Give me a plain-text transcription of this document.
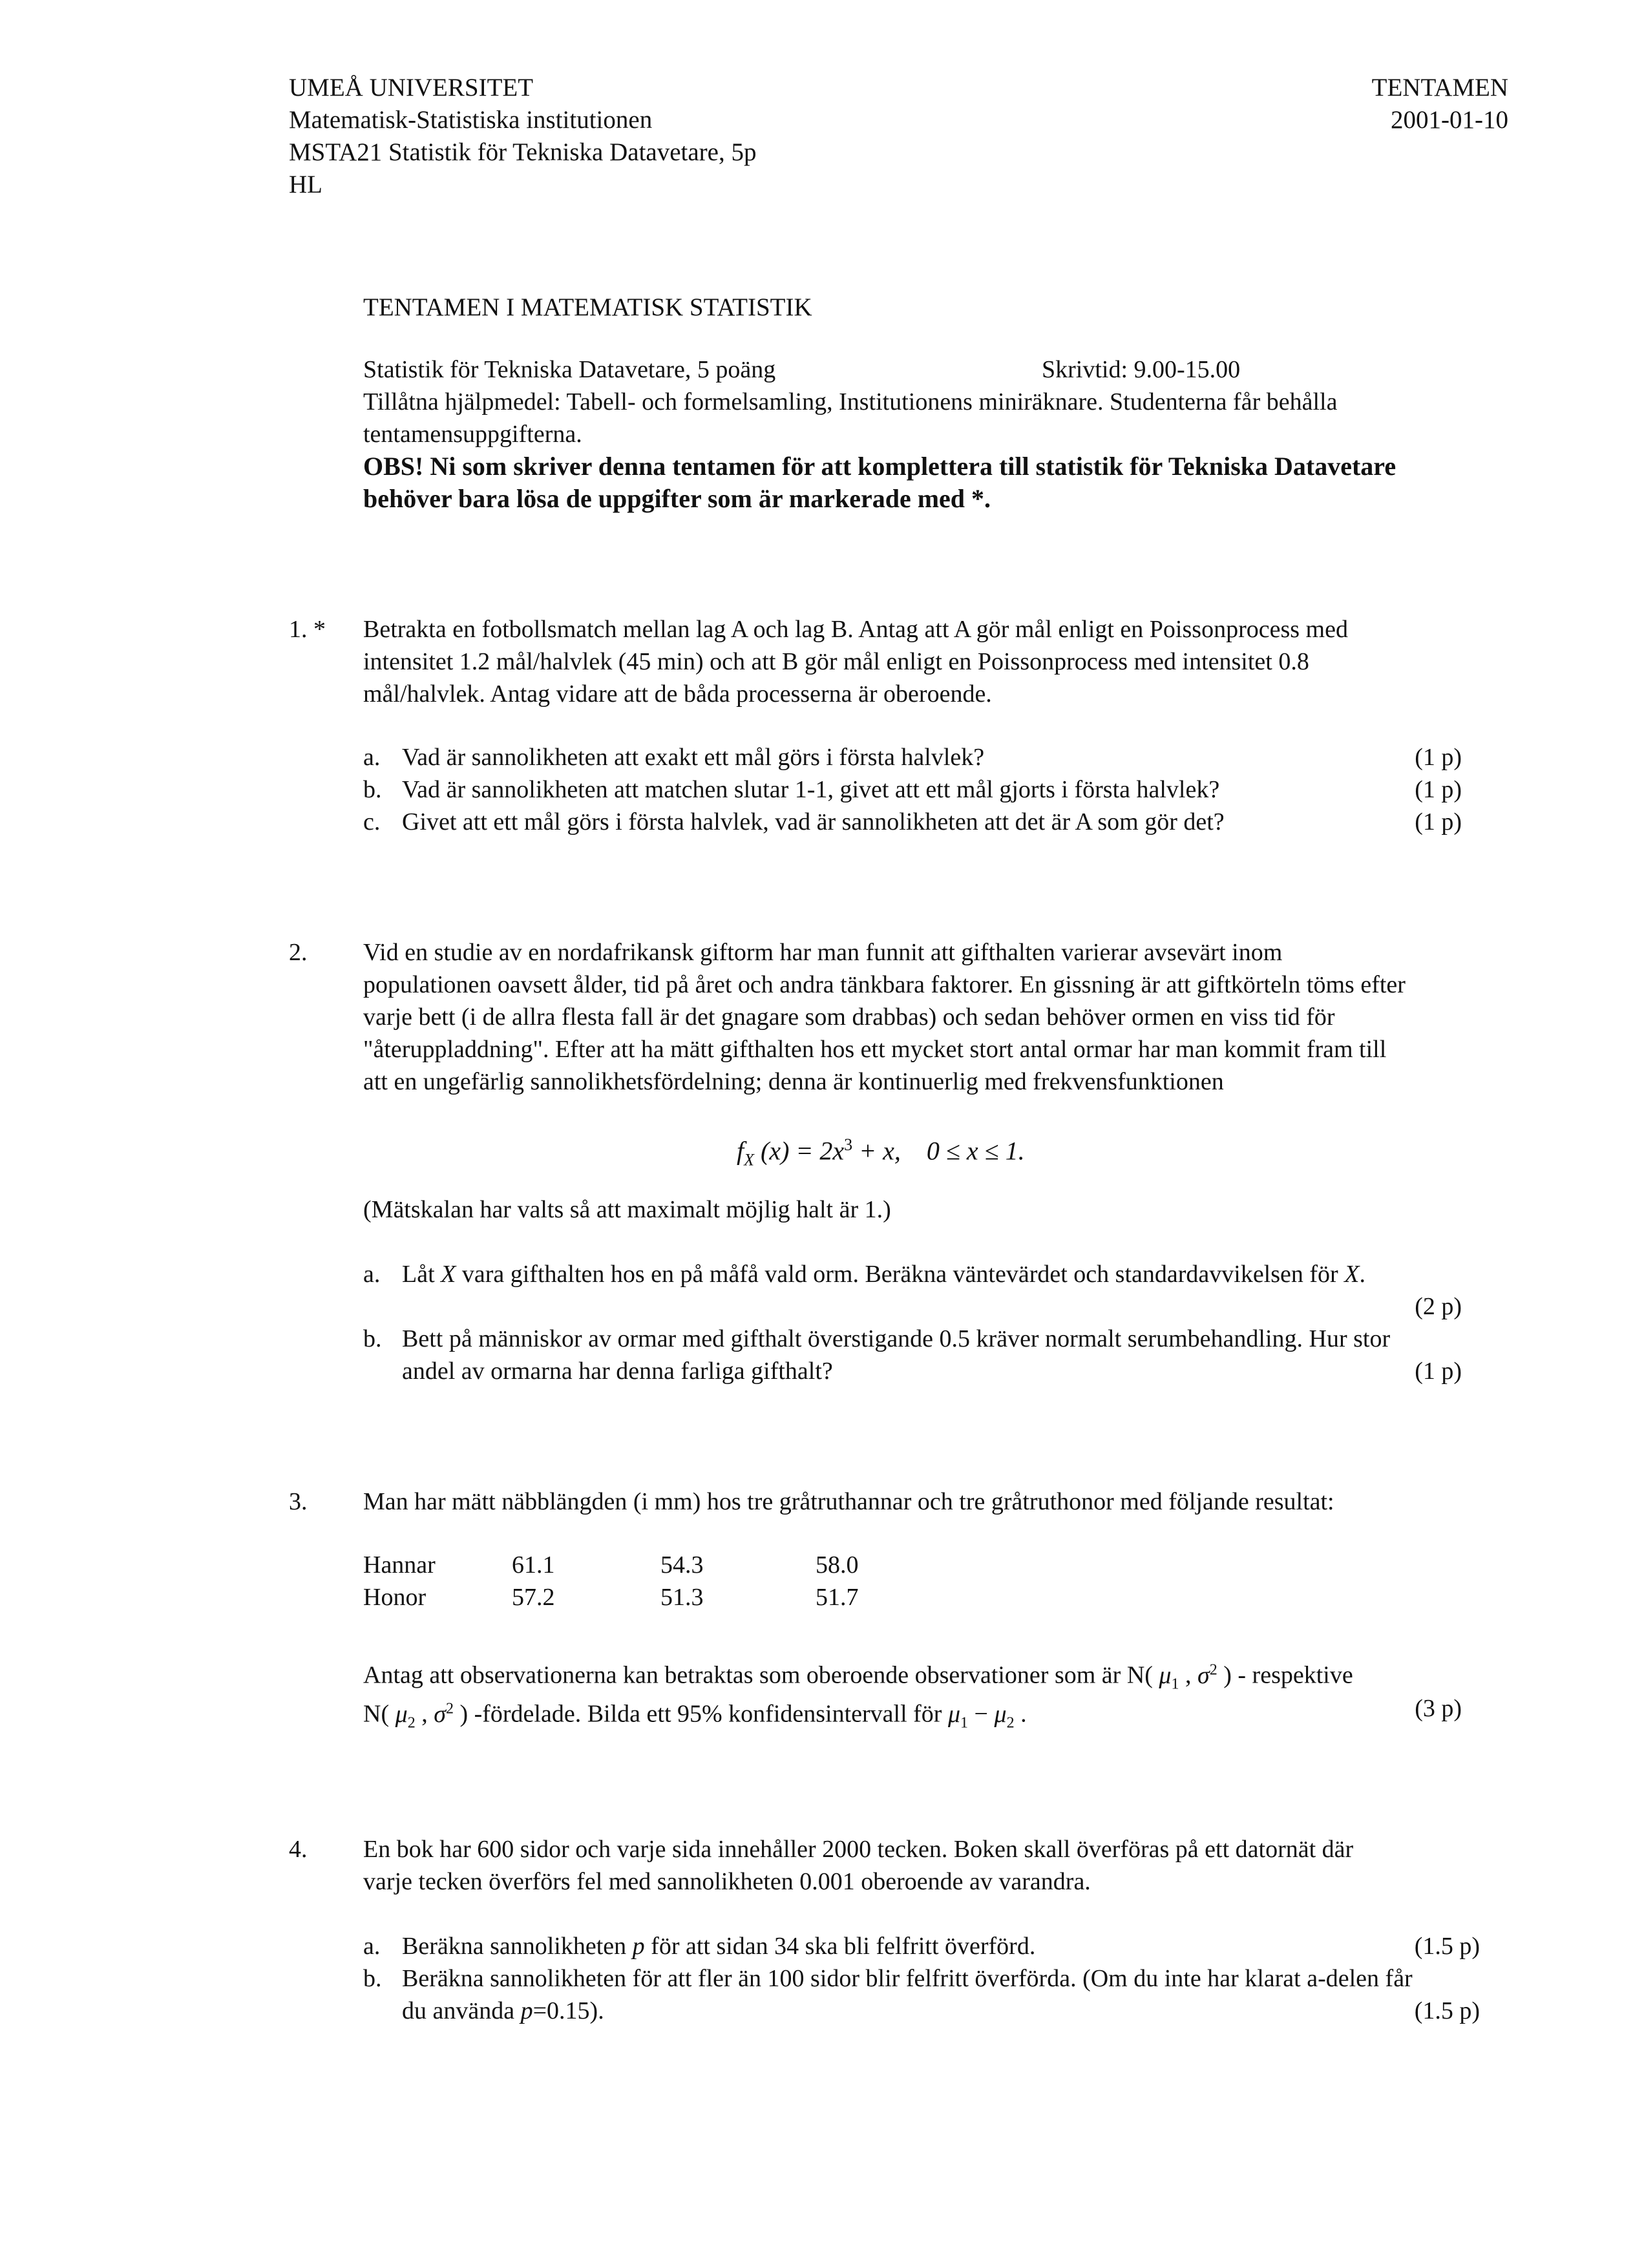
UMEÅ UNIVERSITET
Matematisk-Statistiska institutionen
MSTA21 Statistik för Tekniska Datavetare, 5p
HL
TENTAMEN
2001-01-10
TENTAMEN I MATEMATISK STATISTIK
Statistik för Tekniska Datavetare, 5 poäng	Skrivtid: 9.00-15.00
Tillåtna hjälpmedel: Tabell- och formelsamling, Institutionens miniräknare. Studenterna får behålla
tentamensuppgifterna.
OBS! Ni som skriver denna tentamen för att komplettera till statistik för Tekniska Datavetare
behöver bara lösa de uppgifter som är markerade med *.
1. * Betrakta en fotbollsmatch mellan lag A och lag B. Antag att A gör mål enligt en Poissonprocess med
intensitet 1.2 mål/halvlek (45 min) och att B gör mål enligt en Poissonprocess med intensitet 0.8
mål/halvlek. Antag vidare att de båda processerna är oberoende.
a. Vad är sannolikheten att exakt ett mål görs i första halvlek?	(1 p)
b. Vad är sannolikheten att matchen slutar 1-1, givet att ett mål gjorts i första halvlek?	(1 p)
c. Givet att ett mål görs i första halvlek, vad är sannolikheten att det är A som gör det?	(1 p)
2. Vid en studie av en nordafrikansk giftorm har man funnit att gifthalten varierar avsevärt inom
populationen oavsett ålder, tid på året och andra tänkbara faktorer. En gissning är att giftkörteln töms efter
varje bett (i de allra flesta fall är det gnagare som drabbas) och sedan behöver ormen en viss tid för
"återuppladdning". Efter att ha mätt gifthalten hos ett mycket stort antal ormar har man kommit fram till
att en ungefärlig sannolikhetsfördelning; denna är kontinuerlig med frekvensfunktionen
$f_X$ $(x) = 2x^3 + x$, 0 ≤ x ≤ 1.
(Mätskalan har valts så att maximalt möjlig halt är 1.)
a. Låt X vara gifthalten hos en på måfå vald orm. Beräkna väntevärdet och standardavvikelsen för X.
(2 p)
b. Bett på människor av ormar med gifthalt överstigande 0.5 kräver normalt serumbehandling. Hur stor
andel av ormarna har denna farliga gifthalt?	(1 p)
3. Man har mätt näbblängden (i mm) hos tre gråtruthannar och tre gråtruthonor med följande resultat:
Hannar	61.1	54.3	58.0
Honor	57.2	51.3	51.7
Antag att observationerna kan betraktas som oberoende observationer som är N( $\mu_1$ , $\sigma^2$ ) - respektive
N( $\mu_2$ , $\sigma^2$ ) -fördelade. Bilda ett 95% konfidensintervall för $\mu_1 - \mu_2$ .	(3 p)
4. En bok har 600 sidor och varje sida innehåller 2000 tecken. Boken skall överföras på ett datornät där
varje tecken överförs fel med sannolikheten 0.001 oberoende av varandra.
a. Beräkna sannolikheten p för att sidan 34 ska bli felfritt överförd.	(1.5 p)
b. Beräkna sannolikheten för att fler än 100 sidor blir felfritt överförda. (Om du inte har klarat a-delen får
du använda p=0.15).	(1.5 p)
